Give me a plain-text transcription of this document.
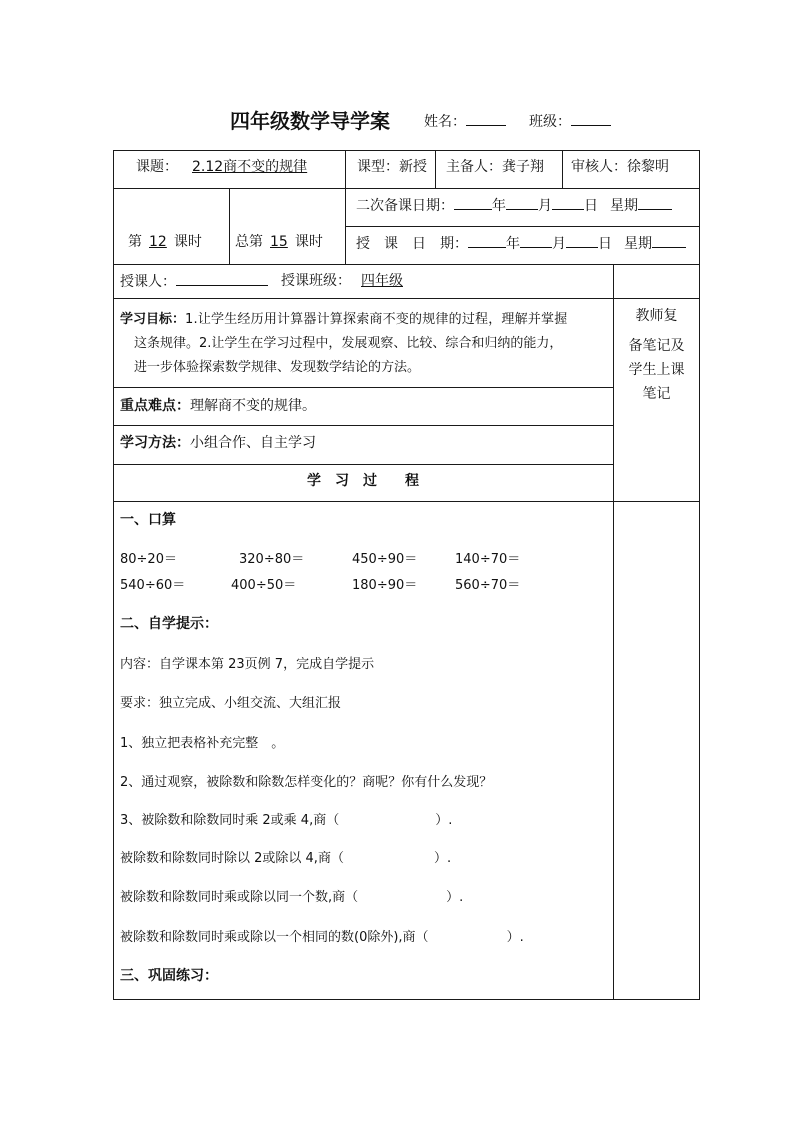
四年级数学导学案 姓名：	班级：
课题： 2.12商不变的规律	课型：新授 主备人：龚子翔 审核人：徐黎明
第 12 课时 总第 15 课时
二次备课日期：	年 月 日 星期
授　课　日　期：	年 月 日 星期
授课人：	授课班级： 四年级
学习目标：1.让学生经历用计算器计算探索商不变的规律的过程，理解并掌握
这条规律。2.让学生在学习过程中，发展观察、比较、综合和归纳的能力，
进一步体验探索数学规律、发现数学结论的方法。
教师复
备笔记及
学生上课
笔记
重点难点：理解商不变的规律。
学习方法：小组合作、自主学习
学　习　过　　程
一、口算
80÷20＝	320÷80＝	450÷90＝	140÷70＝
540÷60＝	400÷50＝	180÷90＝	560÷70＝
二、自学提示：
内容：自学课本第 23页例 7，完成自学提示
要求：独立完成、小组交流、大组汇报
1、独立把表格补充完整　。
2、通过观察，被除数和除数怎样变化的？商呢？你有什么发现？
3、被除数和除数同时乘 2或乘 4,商（	）.
被除数和除数同时除以 2或除以 4,商（	）.
被除数和除数同时乘或除以同一个数,商（	）.
被除数和除数同时乘或除以一个相同的数(0除外),商（	）.
三、巩固练习：
